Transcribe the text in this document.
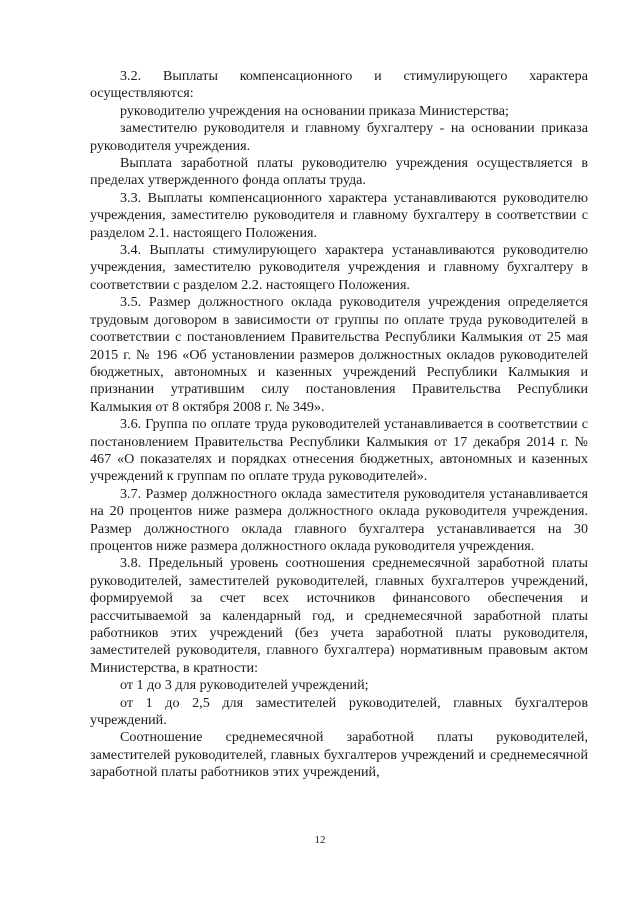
3.2. Выплаты компенсационного и стимулирующего характера осуществляются:

руководителю учреждения на основании приказа Министерства;

заместителю руководителя и главному бухгалтеру - на основании приказа руководителя учреждения.

Выплата заработной платы руководителю учреждения осуществляется в пределах утвержденного фонда оплаты труда.

3.3. Выплаты компенсационного характера устанавливаются руководителю учреждения, заместителю руководителя и главному бухгалтеру в соответствии с разделом 2.1. настоящего Положения.

3.4. Выплаты стимулирующего характера устанавливаются руководителю учреждения, заместителю руководителя учреждения и главному бухгалтеру в соответствии с разделом 2.2. настоящего Положения.

3.5. Размер должностного оклада руководителя учреждения определяется трудовым договором в зависимости от группы по оплате труда руководителей в соответствии с постановлением Правительства Республики Калмыкия от 25 мая 2015 г. № 196 «Об установлении размеров должностных окладов руководителей бюджетных, автономных и казенных учреждений Республики Калмыкия и признании утратившим силу постановления Правительства Республики Калмыкия от 8 октября 2008 г. № 349».

3.6. Группа по оплате труда руководителей устанавливается в соответствии с постановлением Правительства Республики Калмыкия от 17 декабря 2014 г. № 467 «О показателях и порядках отнесения бюджетных, автономных и казенных учреждений к группам по оплате труда руководителей».

3.7. Размер должностного оклада заместителя руководителя устанавливается на 20 процентов ниже размера должностного оклада руководителя учреждения. Размер должностного оклада главного бухгалтера устанавливается на 30 процентов ниже размера должностного оклада руководителя учреждения.

3.8. Предельный уровень соотношения среднемесячной заработной платы руководителей, заместителей руководителей, главных бухгалтеров учреждений, формируемой за счет всех источников финансового обеспечения и рассчитываемой за календарный год, и среднемесячной заработной платы работников этих учреждений (без учета заработной платы руководителя, заместителей руководителя, главного бухгалтера) нормативным правовым актом Министерства, в кратности:

от 1 до 3 для руководителей учреждений;

от 1 до 2,5 для заместителей руководителей, главных бухгалтеров учреждений.

Соотношение среднемесячной заработной платы руководителей, заместителей руководителей, главных бухгалтеров учреждений и среднемесячной заработной платы работников этих учреждений,

12
